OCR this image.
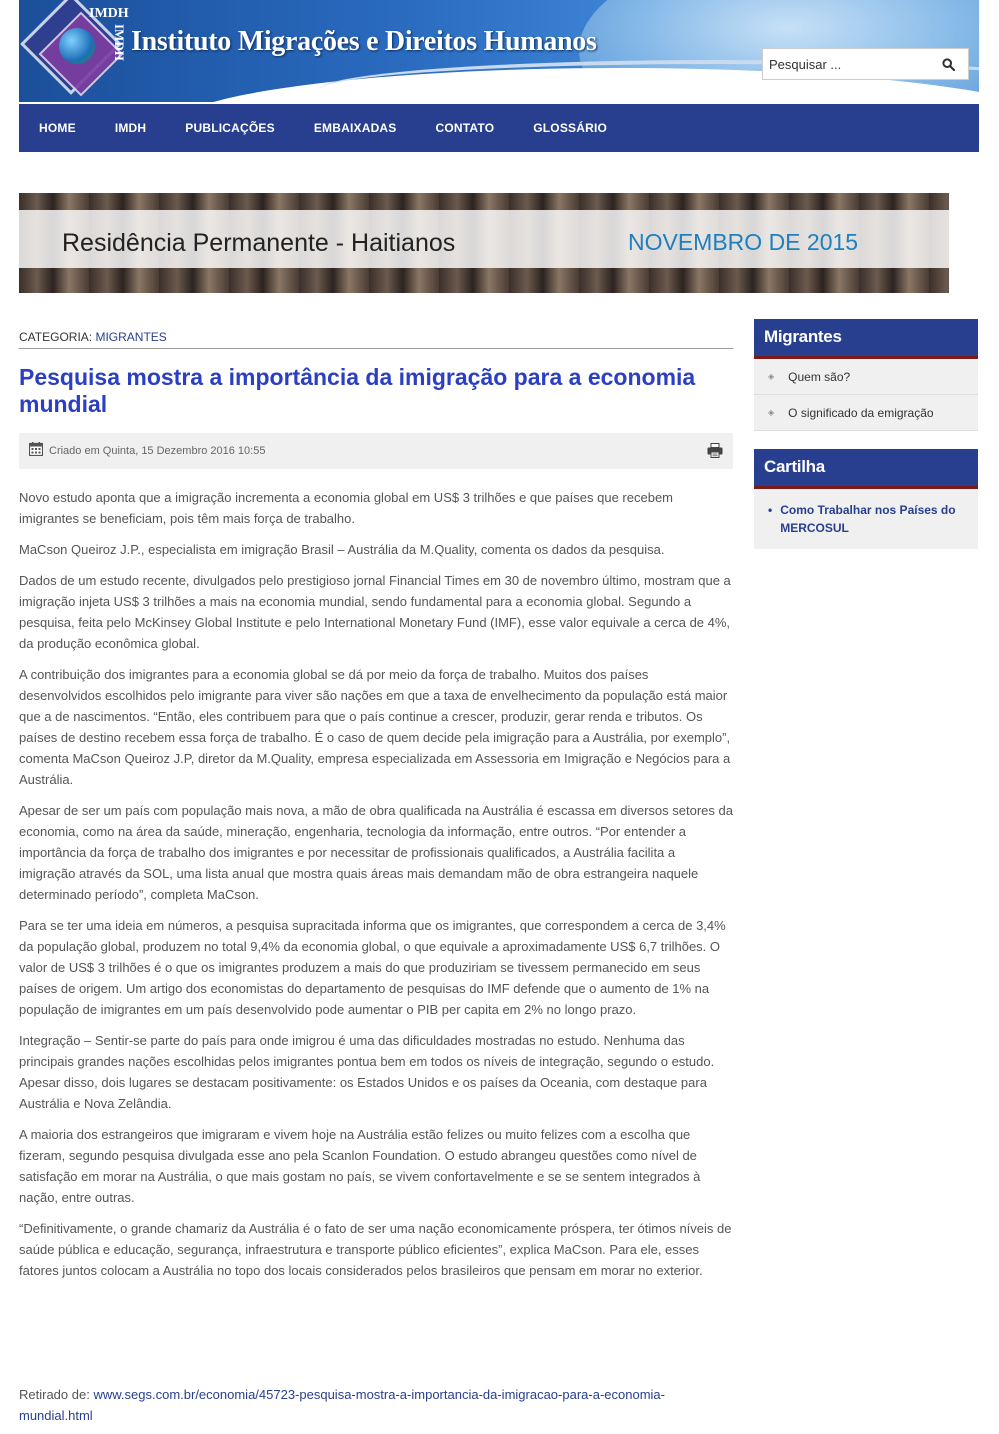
IMDH
IMDH Instituto Migrações e Direitos Humanos
Pesquisar ...
HOME	IMDH	PUBLICAÇÕES	EMBAIXADAS	CONTATO	GLOSSÁRIO
Residência Permanente - Haitianos	NOVEMBRO DE 2015
CATEGORIA: MIGRANTES
Pesquisa mostra a importância da imigração para a economia mundial
Criado em Quinta, 15 Dezembro 2016 10:55

Novo estudo aponta que a imigração incrementa a economia global em US$ 3 trilhões e que países que recebem imigrantes se beneficiam, pois têm mais força de trabalho.

MaCson Queiroz J.P., especialista em imigração Brasil – Austrália da M.Quality, comenta os dados da pesquisa.

Dados de um estudo recente, divulgados pelo prestigioso jornal Financial Times em 30 de novembro último, mostram que a imigração injeta US$ 3 trilhões a mais na economia mundial, sendo fundamental para a economia global. Segundo a pesquisa, feita pelo McKinsey Global Institute e pelo International Monetary Fund (IMF), esse valor equivale a cerca de 4%, da produção econômica global.

A contribuição dos imigrantes para a economia global se dá por meio da força de trabalho. Muitos dos países desenvolvidos escolhidos pelo imigrante para viver são nações em que a taxa de envelhecimento da população está maior que a de nascimentos. “Então, eles contribuem para que o país continue a crescer, produzir, gerar renda e tributos. Os países de destino recebem essa força de trabalho. É o caso de quem decide pela imigração para a Austrália, por exemplo”, comenta MaCson Queiroz J.P, diretor da M.Quality, empresa especializada em Assessoria em Imigração e Negócios para a Austrália.

Apesar de ser um país com população mais nova, a mão de obra qualificada na Austrália é escassa em diversos setores da economia, como na área da saúde, mineração, engenharia, tecnologia da informação, entre outros. “Por entender a importância da força de trabalho dos imigrantes e por necessitar de profissionais qualificados, a Austrália facilita a imigração através da SOL, uma lista anual que mostra quais áreas mais demandam mão de obra estrangeira naquele determinado período”, completa MaCson.

Para se ter uma ideia em números, a pesquisa supracitada informa que os imigrantes, que correspondem a cerca de 3,4% da população global, produzem no total 9,4% da economia global, o que equivale a aproximadamente US$ 6,7 trilhões. O valor de US$ 3 trilhões é o que os imigrantes produzem a mais do que produziriam se tivessem permanecido em seus países de origem. Um artigo dos economistas do departamento de pesquisas do IMF defende que o aumento de 1% na população de imigrantes em um país desenvolvido pode aumentar o PIB per capita em 2% no longo prazo.

Integração – Sentir-se parte do país para onde imigrou é uma das dificuldades mostradas no estudo. Nenhuma das principais grandes nações escolhidas pelos imigrantes pontua bem em todos os níveis de integração, segundo o estudo. Apesar disso, dois lugares se destacam positivamente: os Estados Unidos e os países da Oceania, com destaque para Austrália e Nova Zelândia.

A maioria dos estrangeiros que imigraram e vivem hoje na Austrália estão felizes ou muito felizes com a escolha que fizeram, segundo pesquisa divulgada esse ano pela Scanlon Foundation. O estudo abrangeu questões como nível de satisfação em morar na Austrália, o que mais gostam no país, se vivem confortavelmente e se se sentem integrados à nação, entre outras.

“Definitivamente, o grande chamariz da Austrália é o fato de ser uma nação economicamente próspera, ter ótimos níveis de saúde pública e educação, segurança, infraestrutura e transporte público eficientes”, explica MaCson. Para ele, esses fatores juntos colocam a Austrália no topo dos locais considerados pelos brasileiros que pensam em morar no exterior.

Retirado de: www.segs.com.br/economia/45723-pesquisa-mostra-a-importancia-da-imigracao-para-a-economia-mundial.html
Migrantes
◈ Quem são?
◈ O significado da emigração
Cartilha
• Como Trabalhar nos Países do MERCOSUL
